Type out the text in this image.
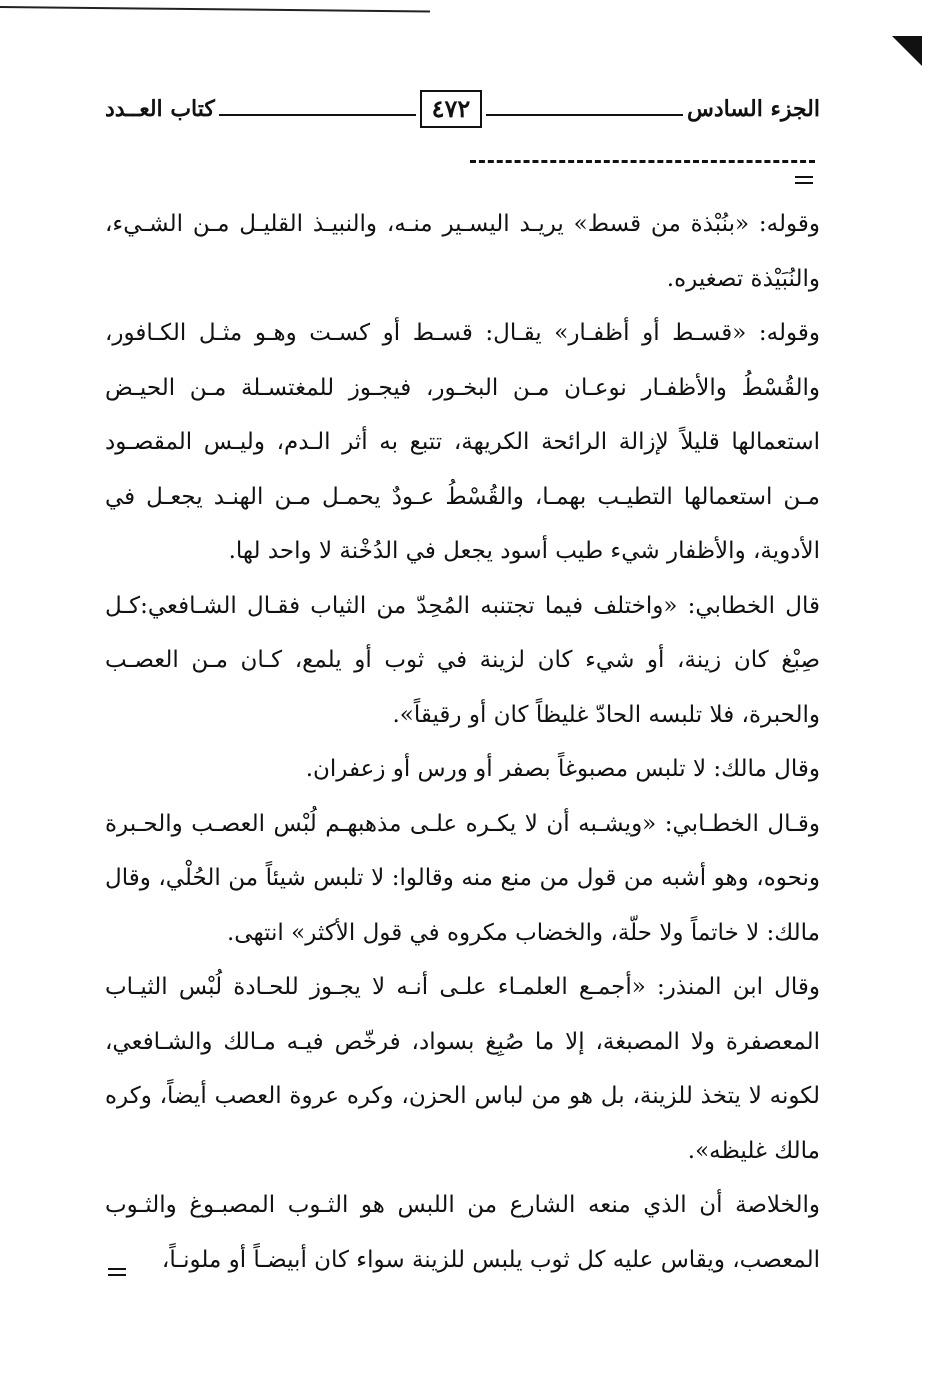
الجزء السادس
٤٧٢
كتاب العــدد

وقوله: «بنُبْذة من قسط» يريـد اليسـير منـه، والنبيـذ القليـل مـن الشـيء، والنُبَيْذة تصغيره.

وقوله: «قسـط أو أظفـار» يقـال: قسـط أو كسـت وهـو مثـل الكـافور، والقُسْطُ والأظفـار نوعـان مـن البخـور، فيجـوز للمغتسـلة مـن الحيـض استعمالها قليلاً لإزالة الرائحة الكريهة، تتبع به أثر الـدم، وليـس المقصـود مـن استعمالها التطيـب بهمـا، والقُسْطُ عـودٌ يحمـل مـن الهنـد يجعـل في الأدوية، والأظفار شيء طيب أسود يجعل في الدُخْنة لا واحد لها.

قال الخطابي: «واختلف فيما تجتنبه المُحِدّ من الثياب فقـال الشـافعي:كـل صِبْغ كان زينة، أو شيء كان لزينة في ثوب أو يلمع، كـان مـن العصـب والحبرة، فلا تلبسه الحادّ غليظاً كان أو رقيقاً».

وقال مالك: لا تلبس مصبوغاً بصفر أو ورس أو زعفران.

وقـال الخطـابي: «ويشـبه أن لا يكـره علـى مذهبهـم لُبْس العصـب والحـبرة ونحوه، وهو أشبه من قول من منع منه وقالوا: لا تلبس شيئاً من الحُلْي، وقال مالك: لا خاتماً ولا حلّة، والخضاب مكروه في قول الأكثر» انتهى.

وقال ابن المنذر: «أجمـع العلمـاء علـى أنـه لا يجـوز للحـادة لُبْس الثيـاب المعصفرة ولا المصبغة، إلا ما صُبِغ بسواد، فرخّص فيـه مـالك والشـافعي، لكونه لا يتخذ للزينة، بل هو من لباس الحزن، وكره عروة العصب أيضاً، وكره مالك غليظه».

والخلاصة أن الذي منعه الشارع من اللبس هو الثـوب المصبـوغ والثـوب المعصب، ويقاس عليه كل ثوب يلبس للزينة سواء كان أبيضـاً أو ملونـاً،
